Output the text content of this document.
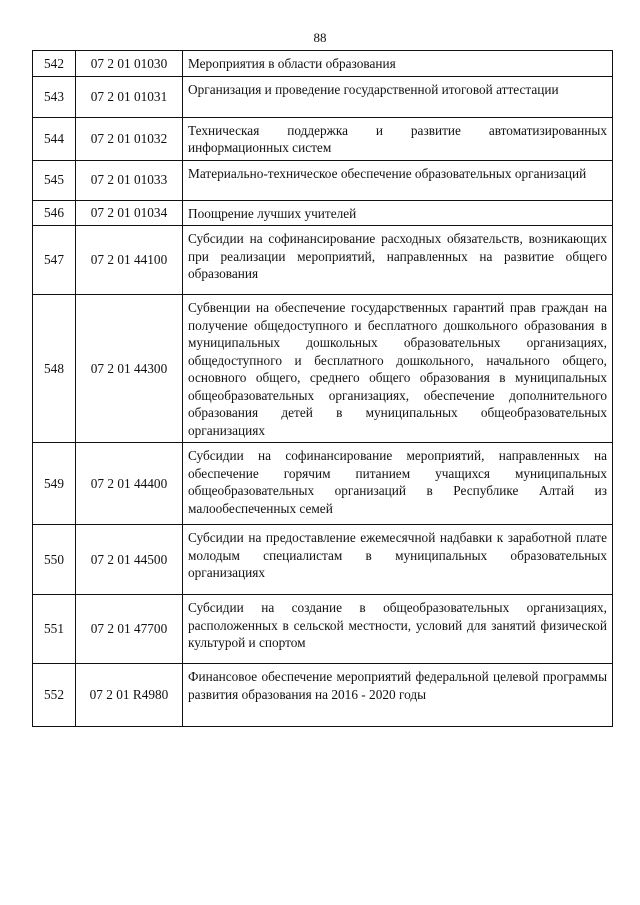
88
542	07 2 01 01030	Мероприятия в области образования
543	07 2 01 01031	Организация и проведение государственной итоговой аттестации
544	07 2 01 01032	Техническая поддержка и развитие автоматизированных информационных систем
545	07 2 01 01033	Материально-техническое обеспечение образовательных организаций
546	07 2 01 01034	Поощрение лучших учителей
547	07 2 01 44100	Субсидии на софинансирование расходных обязательств, возникающих при реализации мероприятий, направленных на развитие общего образования
548	07 2 01 44300	Субвенции на обеспечение государственных гарантий прав граждан на получение общедоступного и бесплатного дошкольного образования в муниципальных дошкольных образовательных организациях, общедоступного и бесплатного дошкольного, начального общего, основного общего, среднего общего образования в муниципальных общеобразовательных организациях, обеспечение дополнительного образования детей в муниципальных общеобразовательных организациях
549	07 2 01 44400	Субсидии на софинансирование мероприятий, направленных на обеспечение горячим питанием учащихся муниципальных общеобразовательных организаций в Республике Алтай из малообеспеченных семей
550	07 2 01 44500	Субсидии на предоставление ежемесячной надбавки к заработной плате молодым специалистам в муниципальных образовательных организациях
551	07 2 01 47700	Субсидии на создание в общеобразовательных организациях, расположенных в сельской местности, условий для занятий физической культурой и спортом
552	07 2 01 R4980	Финансовое обеспечение мероприятий федеральной целевой программы развития образования на 2016 - 2020 годы
